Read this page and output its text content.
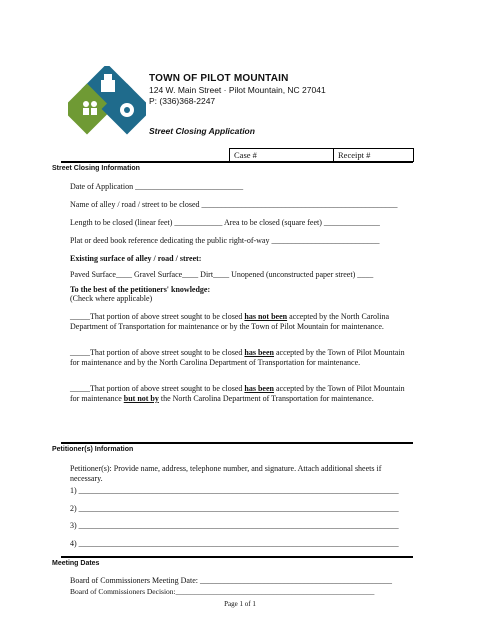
TOWN OF PILOT MOUNTAIN
124 W. Main Street · Pilot Mountain, NC 27041
P: (336)368-2247
Street Closing Application
Case #	Receipt #
Street Closing Information
Date of Application ___________________________
Name of alley / road / street to be closed _________________________________________________
Length to be closed (linear feet) ____________ Area to be closed (square feet) ______________
Plat or deed book reference dedicating the public right-of-way ___________________________
Existing surface of alley / road / street:
Paved Surface____ Gravel Surface____ Dirt____ Unopened (unconstructed paper street) ____
To the best of the petitioners' knowledge:
(Check where applicable)
_____That portion of above street sought to be closed has not been accepted by the North Carolina Department of Transportation for maintenance or by the Town of Pilot Mountain for maintenance.
_____That portion of above street sought to be closed has been accepted by the Town of Pilot Mountain for maintenance and by the North Carolina Department of Transportation for maintenance.
_____That portion of above street sought to be closed has been accepted by the Town of Pilot Mountain for maintenance but not by the North Carolina Department of Transportation for maintenance.
Petitioner(s) Information
Petitioner(s): Provide name, address, telephone number, and signature. Attach additional sheets if necessary.
1) ________________________________________________________________________________
2) ________________________________________________________________________________
3) ________________________________________________________________________________
4) ________________________________________________________________________________
Meeting Dates
Board of Commissioners Meeting Date: ________________________________________________
Board of Commissioners Decision:_____________________________________________________
Page 1 of 1
